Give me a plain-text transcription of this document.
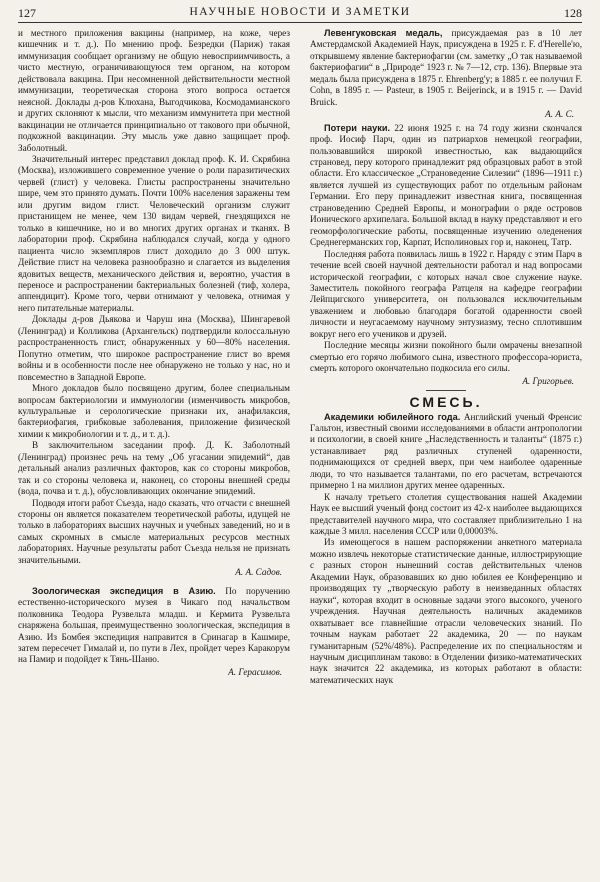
127	НАУЧНЫЕ НОВОСТИ И ЗАМЕТКИ	128

и местного приложения вакцины (например, на коже, через кишечник и т. д.). По мнению проф. Безредки (Париж) такая иммунизация сообщает организму не общую невосприимчивость, а чисто местную, ограничивающуюся тем органом, на котором действовала вакцина. При несомненной действительности местной иммунизации, теоретическая сторона этого вопроса остается неясной. Доклады д-ров Клюхана, Выгодчикова, Космодамианского и других склоняют к мысли, что механизм иммунитета при местной вакцинации не отличается принципиально от такового при обычной, подкожной вакцинации. Эту мысль уже давно защищает проф. Заболотный.

Значительный интерес представил доклад проф. К. И. Скрябина (Москва), изложившего современное учение о роли паразитических червей (глист) у человека. Глисты распространены значительно шире, чем это принято думать. Почти 100% населения заражены тем или другим видом глист. Человеческий организм служит пристанищем не менее, чем 130 видам червей, гнездящихся не только в кишечнике, но и во многих других органах и тканях. В лаборатории проф. Скрябина наблюдался случай, когда у одного пациента число экземпляров глист доходило до 3 000 штук. Действие глист на человека разнообразно и слагается из выделения ядовитых веществ, механического действия и, вероятно, участия в переносе и распространении бактериальных болезней (тиф, холера, аппендицит). Кроме того, черви отнимают у человека, отнимая у него питательные материалы.

Доклады д-ров Дьякова и Чаруш ина (Москва), Шингаревой (Ленинград) и Колликова (Архангельск) подтвердили колоссальную распространенность глист, обнаруженных у 60—80% населения. Попутно отметим, что широкое распространение глист во время войны и в особенности после нее обнаружено не только у нас, но и повсеместно в Западной Европе.

Много докладов было посвящено другим, более специальным вопросам бактериологии и иммунологии (изменчивость микробов, культуральные и серологические признаки их, анафилаксия, бактериофагия, грибковые заболевания, приложение физической химии к микробиологии и т. д., и т. д.).

В заключительном заседании проф. Д. К. Заболотный (Ленинград) произнес речь на тему „Об угасании эпидемий“, дав детальный анализ различных факторов, как со стороны микробов, так и со стороны человека и, наконец, со стороны внешней среды (вода, почва и т. д.), обусловливающих окончание эпидемий.

Подводя итоги работ Съезда, надо сказать, что отчасти с внешней стороны он является показателем теоретической работы, идущей не только в лабораториях высших научных и учебных заведений, но и в самых скромных в смысле материальных ресурсов местных лабораториях. Научные результаты работ Съезда нельзя не признать значительными.

А. А. Садов.

Зоологическая экспедиция в Азию. По поручению естественно-исторического музея в Чикаго под начальством полковника Теодора Рузвельта младш. и Кермита Рузвельта снаряжена большая, преимущественно зоологическая, экспедиция в Азию. Из Бомбея экспедиция направится в Сринагар в Кашмире, затем пересечет Гималай и, по пути в Лех, пройдет через Каракорум на Памир и подойдет к Тянь-Шаню.

А. Герасимов.

Левенгуковская медаль, присуждаемая раз в 10 лет Амстердамской Академией Наук, присуждена в 1925 г. F. d'Herelle'ю, открывшему явление бактериофагии (см. заметку „О так называемой бактериофагии“ в „Природе“ 1923 г. № 7—12, стр. 136). Впервые эта медаль была присуждена в 1875 г. Ehrenberg'у; в 1885 г. ее получил F. Cohn, в 1895 г. — Pasteur, в 1905 г. Beijerinck, и в 1915 г. — David Bruick.

А. А. С.

Потери науки. 22 июня 1925 г. на 74 году жизни скончался проф. Иосиф Парч, один из патриархов немецкой географии, пользовавшийся широкой известностью, как выдающийся страновед, перу которого принадлежит ряд образцовых работ в этой области. Его классическое „Страноведение Силезии“ (1896—1911 г.) является лучшей из существующих работ по отдельным районам Германии. Его перу принадлежит известная книга, посвященная страноведению Средней Европы, и монографии о ряде островов Ионического архипелага. Большой вклад в науку представляют и его геоморфологические работы, посвященные изучению оледенения Среднегерманских гор, Карпат, Исполиновых гор и, наконец, Татр.

Последняя работа появилась лишь в 1922 г. Наряду с этим Парч в течение всей своей научной деятельности работал и над вопросами исторической географии, с которых начал свое служение науке. Заместитель покойного географа Ратцеля на кафедре географии Лейпцигского университета, он пользовался исключительным уважением и любовью благодаря богатой одаренности своей личности и неугасаемому научному энтузиазму, тесно сплотившим вокруг него его учеников и друзей.

Последние месяцы жизни покойного были омрачены внезапной смертью его горячо любимого сына, известного профессора-юриста, смерть которого окончательно подкосила его силы.

А. Григорьев.
СМЕСЬ.

Академики юбилейного года. Английский ученый Френсис Гальтон, известный своими исследованиями в области антропологии и психологии, в своей книге „Наследственность и таланты“ (1875 г.) устанавливает ряд различных ступеней одаренности, поднимающихся от средней вверх, при чем наиболее одаренные люди, то что называется талантами, по его расчетам, встречаются примерно 1 на миллион других менее одаренных.

К началу третьего столетия существования нашей Академии Наук ее высший ученый фонд состоит из 42-х наиболее выдающихся представителей научного мира, что составляет приблизительно 1 на каждые 3 милл. населения СССР или 0,00003%.

Из имеющегося в нашем распоряжении анкетного материала можно извлечь некоторые статистические данные, иллюстрирующие с разных сторон нынешний состав действительных членов Академии Наук, образовавших ко дню юбилея ее Конференцию и производящих ту „творческую работу в неизведанных областях науки“, которая входит в основные задачи этого высокого, ученого учреждения. Научная деятельность наличных академиков охватывает все главнейшие отрасли человеческих знаний. По точным наукам работает 22 академика, 20 — по наукам гуманитарным (52%/48%). Распределение их по специальностям и научным дисциплинам таково: в Отделении физико-математических наук значится 22 академика, из которых работают в области: математических наук
